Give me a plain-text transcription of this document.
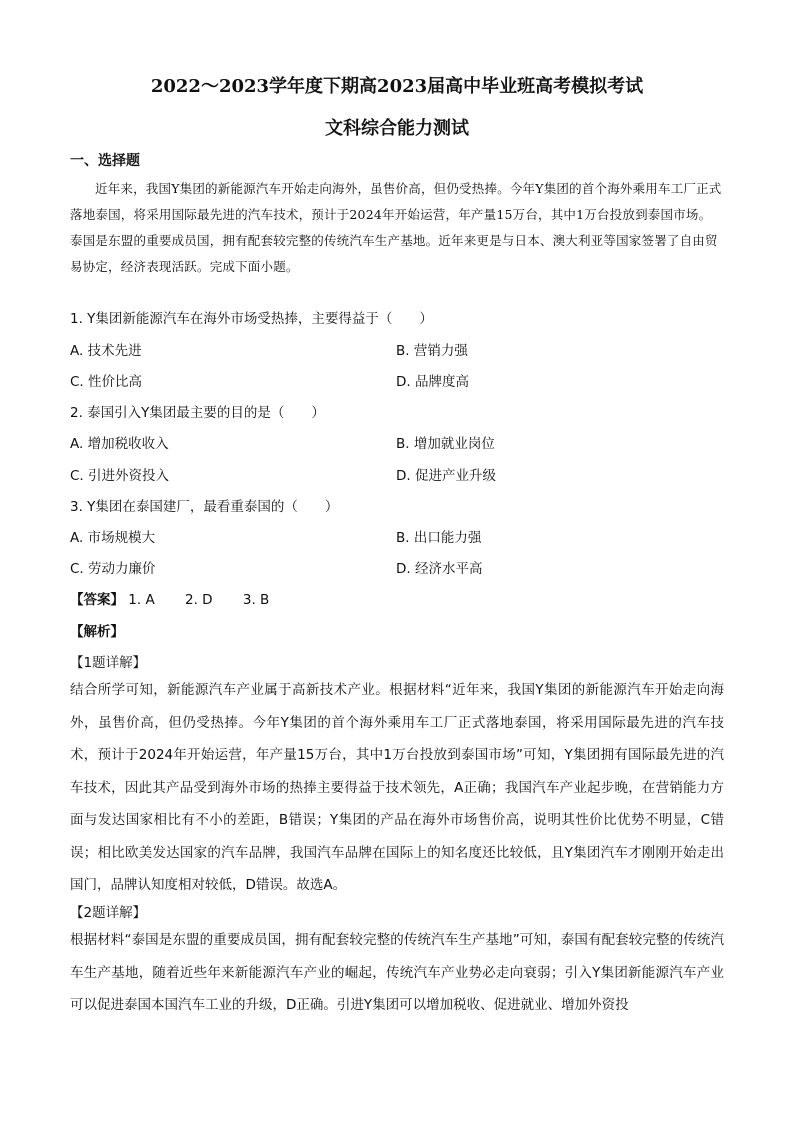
2022～2023学年度下期高2023届高中毕业班高考模拟考试
文科综合能力测试
一、选择题
近年来，我国Y集团的新能源汽车开始走向海外，虽售价高，但仍受热捧。今年Y集团的首个海外乘用车工厂正式落地泰国，将采用国际最先进的汽车技术，预计于2024年开始运营，年产量15万台，其中1万台投放到泰国市场。泰国是东盟的重要成员国，拥有配套较完整的传统汽车生产基地。近年来更是与日本、澳大利亚等国家签署了自由贸易协定，经济表现活跃。完成下面小题。
1. Y集团新能源汽车在海外市场受热捧，主要得益于（　　）
A. 技术先进	B. 营销力强
C. 性价比高	D. 品牌度高
2. 泰国引入Y集团最主要的目的是（　　）
A. 增加税收收入	B. 增加就业岗位
C. 引进外资投入	D. 促进产业升级
3. Y集团在泰国建厂，最看重泰国的（　　）
A. 市场规模大	B. 出口能力强
C. 劳动力廉价	D. 经济水平高
【答案】 1. A 2. D 3. B
【解析】
【1题详解】
结合所学可知，新能源汽车产业属于高新技术产业。根据材料“近年来，我国Y集团的新能源汽车开始走向海外，虽售价高，但仍受热捧。今年Y集团的首个海外乘用车工厂正式落地泰国，将采用国际最先进的汽车技术，预计于2024年开始运营，年产量15万台，其中1万台投放到泰国市场”可知，Y集团拥有国际最先进的汽车技术，因此其产品受到海外市场的热捧主要得益于技术领先，A正确；我国汽车产业起步晚，在营销能力方面与发达国家相比有不小的差距，B错误；Y集团的产品在海外市场售价高，说明其性价比优势不明显，C错误；相比欧美发达国家的汽车品牌，我国汽车品牌在国际上的知名度还比较低，且Y集团汽车才刚刚开始走出国门，品牌认知度相对较低，D错误。故选A。
【2题详解】
根据材料“泰国是东盟的重要成员国，拥有配套较完整的传统汽车生产基地”可知，泰国有配套较完整的传统汽车生产基地，随着近些年来新能源汽车产业的崛起，传统汽车产业势必走向衰弱；引入Y集团新能源汽车产业可以促进泰国本国汽车工业的升级，D正确。引进Y集团可以增加税收、促进就业、增加外资投
